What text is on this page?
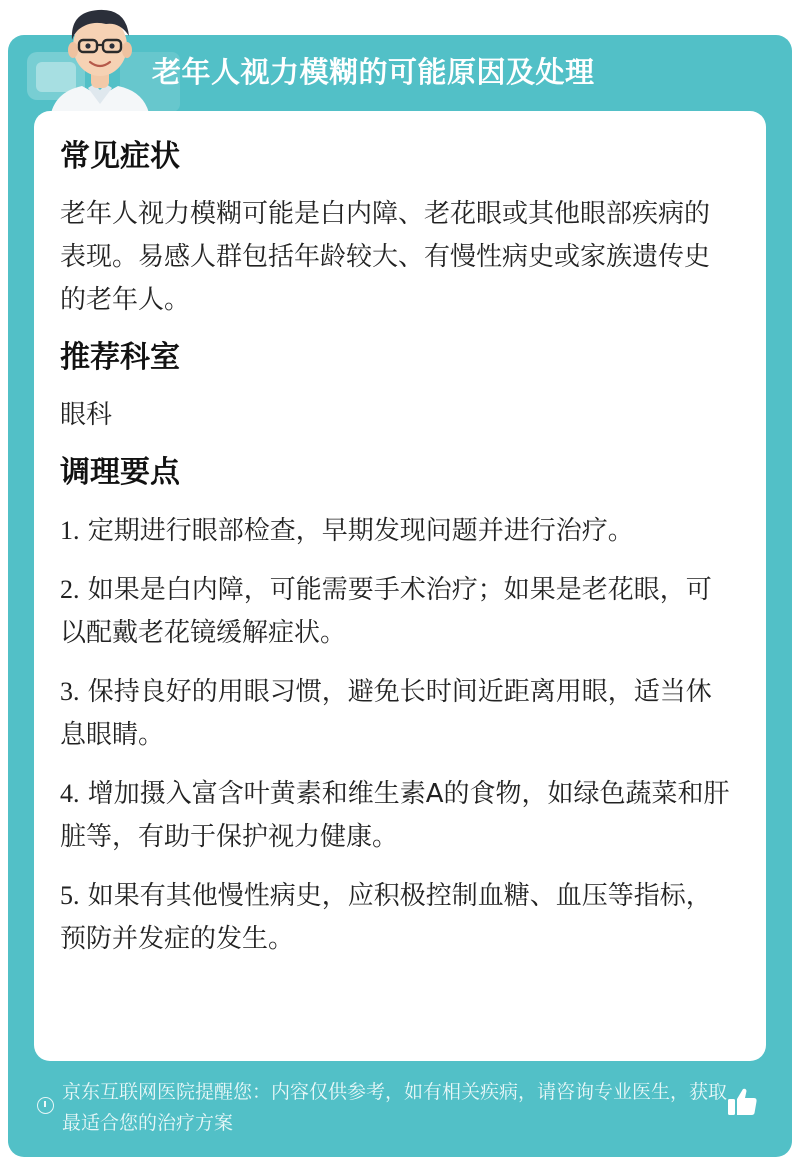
老年人视力模糊的可能原因及处理
常见症状
老年人视力模糊可能是白内障、老花眼或其他眼部疾病的表现。易感人群包括年龄较大、有慢性病史或家族遗传史的老年人。
推荐科室
眼科
调理要点
1. 定期进行眼部检查，早期发现问题并进行治疗。
2. 如果是白内障，可能需要手术治疗；如果是老花眼，可以配戴老花镜缓解症状。
3. 保持良好的用眼习惯，避免长时间近距离用眼，适当休息眼睛。
4. 增加摄入富含叶黄素和维生素A的食物，如绿色蔬菜和肝脏等，有助于保护视力健康。
5. 如果有其他慢性病史，应积极控制血糖、血压等指标，预防并发症的发生。
京东互联网医院提醒您：内容仅供参考，如有相关疾病，请咨询专业医生，获取最适合您的治疗方案
